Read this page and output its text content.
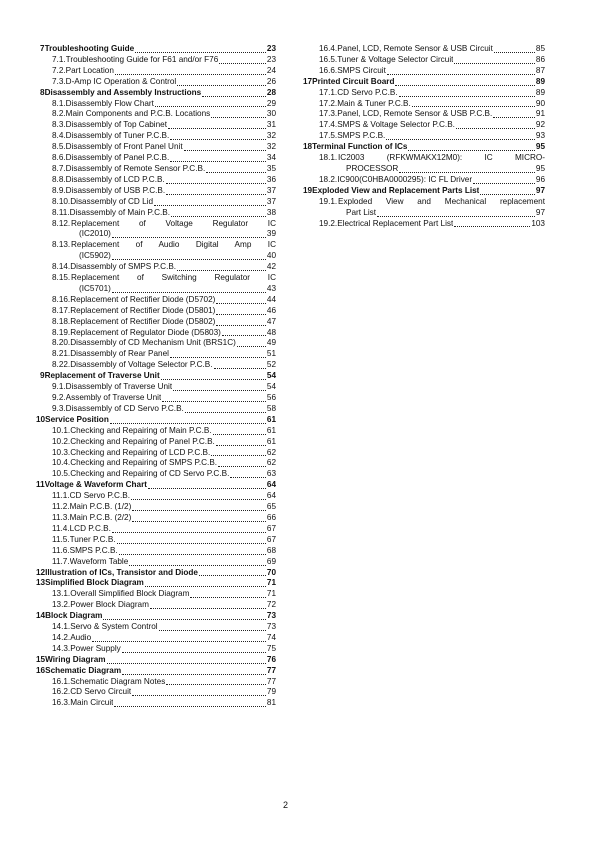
7 Troubleshooting Guide	23
7.1. Troubleshooting Guide for F61 and/or F76	23
7.2. Part Location	24
7.3. D-Amp IC Operation & Control	26
8 Disassembly and Assembly Instructions	28
8.1. Disassembly Flow Chart	29
8.2. Main Components and P.C.B. Locations	30
8.3. Disassembly of Top Cabinet	31
8.4. Disassembly of Tuner P.C.B.	32
8.5. Disassembly of Front Panel Unit	32
8.6. Disassembly of Panel P.C.B.	34
8.7. Disassembly of Remote Sensor P.C.B.	35
8.8. Disassembly of LCD P.C.B.	36
8.9. Disassembly of USB P.C.B.	37
8.10. Disassembly of CD Lid	37
8.11. Disassembly of Main P.C.B.	38
8.12. Replacement of Voltage Regulator IC
(IC2010)	39
8.13. Replacement of Audio Digital Amp IC
(IC5902)	40
8.14. Disassembly of SMPS P.C.B.	42
8.15. Replacement of Switching Regulator IC
(IC5701)	43
8.16. Replacement of Rectifier Diode (D5702)	44
8.17. Replacement of Rectifier Diode (D5801)	46
8.18. Replacement of Rectifier Diode (D5802)	47
8.19. Replacement of Regulator Diode (D5803)	48
8.20. Disassembly of CD Mechanism Unit (BRS1C)	49
8.21. Disassembly of Rear Panel	51
8.22. Disassembly of Voltage Selector P.C.B.	52
9 Replacement of Traverse Unit	54
9.1. Disassembly of Traverse Unit	54
9.2. Assembly of Traverse Unit	56
9.3. Disassembly of CD Servo P.C.B.	58
10 Service Position	61
10.1. Checking and Repairing of Main P.C.B.	61
10.2. Checking and Repairing of Panel P.C.B.	61
10.3. Checking and Repairing of LCD P.C.B.	62
10.4. Checking and Repairing of SMPS P.C.B.	62
10.5. Checking and Repairing of CD Servo P.C.B.	63
11 Voltage & Waveform Chart	64
11.1. CD Servo P.C.B.	64
11.2. Main P.C.B. (1/2)	65
11.3. Main P.C.B. (2/2)	66
11.4. LCD P.C.B.	67
11.5. Tuner P.C.B.	67
11.6. SMPS P.C.B.	68
11.7. Waveform Table	69
12 Illustration of ICs, Transistor and Diode	70
13 Simplified Block Diagram	71
13.1. Overall Simplified Block Diagram	71
13.2. Power Block Diagram	72
14 Block Diagram	73
14.1. Servo & System Control	73
14.2. Audio	74
14.3. Power Supply	75
15 Wiring Diagram	76
16 Schematic Diagram	77
16.1. Schematic Diagram Notes	77
16.2. CD Servo Circuit	79
16.3. Main Circuit	81
16.4. Panel, LCD, Remote Sensor & USB Circuit	85
16.5. Tuner & Voltage Selector Circuit	86
16.6. SMPS Circuit	87
17 Printed Circuit Board	89
17.1. CD Servo P.C.B.	89
17.2. Main & Tuner P.C.B.	90
17.3. Panel, LCD, Remote Sensor & USB P.C.B.	91
17.4. SMPS & Voltage Selector P.C.B.	92
17.5. SMPS P.C.B.	93
18 Terminal Function of ICs	95
18.1. IC2003 (RFKWMAKX12M0): IC MICRO-
PROCESSOR	95
18.2. IC900(C0HBA0000295): IC FL Driver	96
19 Exploded View and Replacement Parts List	97
19.1. Exploded View and Mechanical replacement
Part List	97
19.2. Electrical Replacement Part List	103
2
